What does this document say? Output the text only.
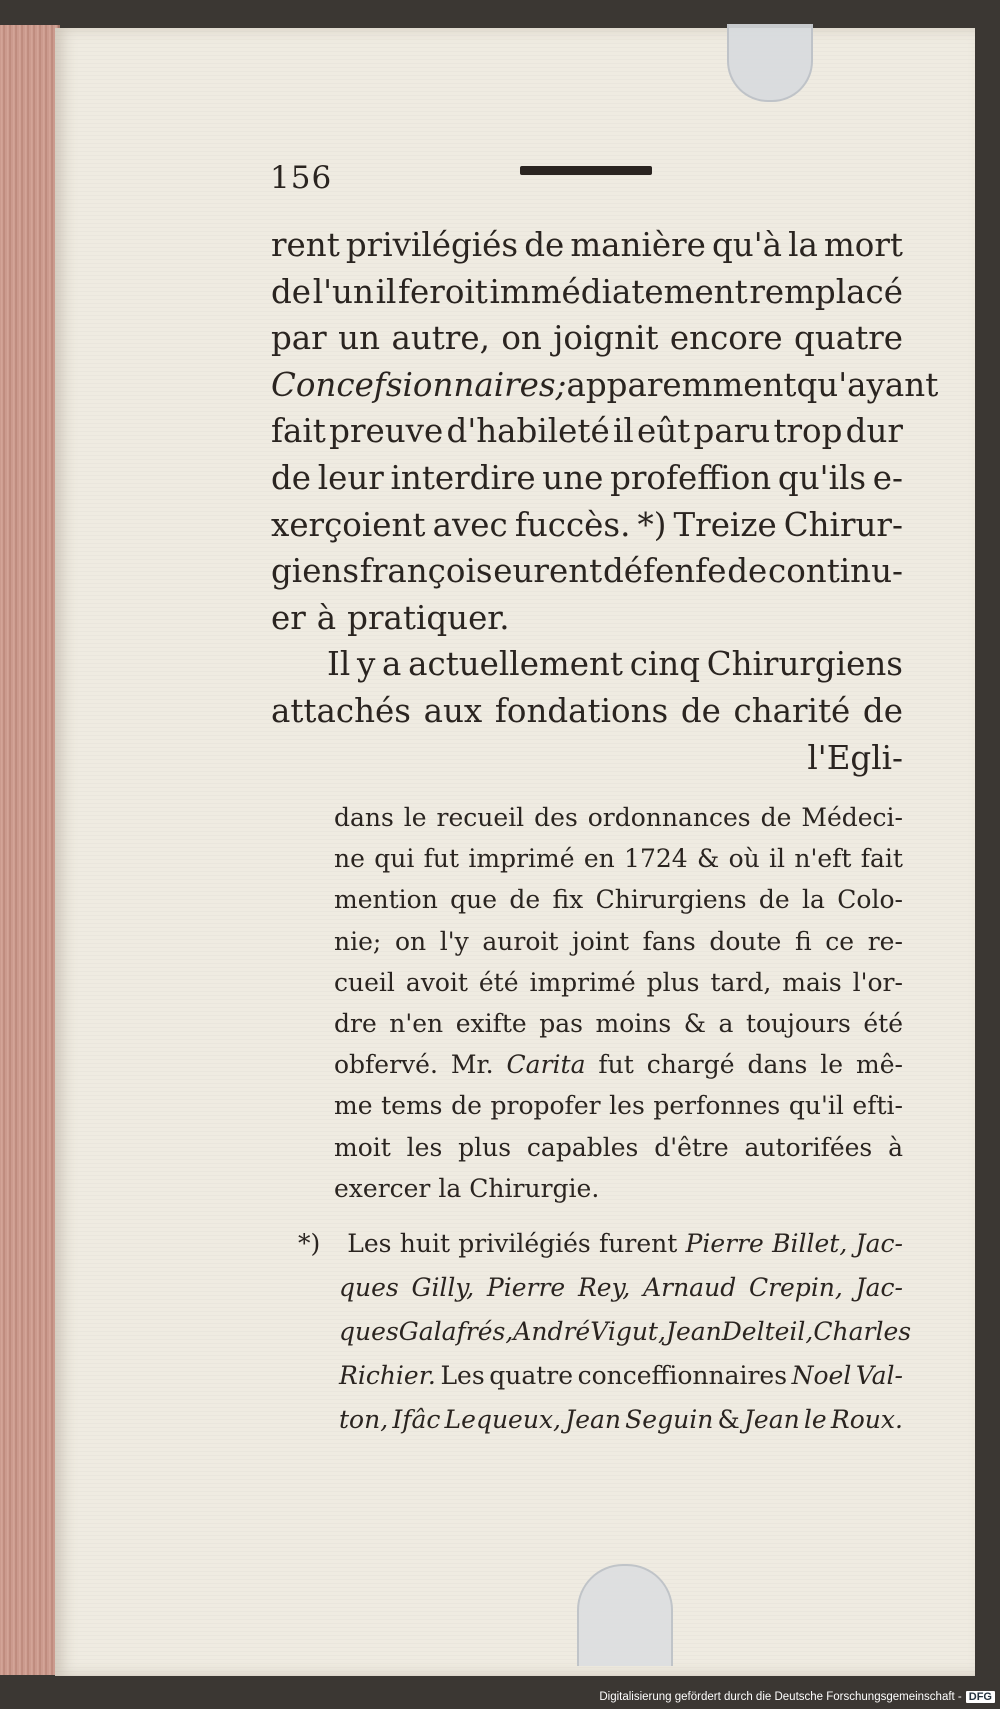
156
rent privilégiés de manière qu'à la mort
de l'un il feroit immédiatement remplacé
par un autre, on joignit encore quatre
Concefsionnaires; apparemment qu'ayant
fait preuve d'habileté il eût paru trop dur
de leur interdire une profeffion qu'ils e-
xerçoient avec fuccès. *) Treize Chirur-
giens françois eurent défenfe de continu-
er à pratiquer.
Il y a actuellement cinq Chirurgiens
attachés aux fondations de charité de
l'Egli-
dans le recueil des ordonnances de Médeci-
ne qui fut imprimé en 1724 & où il n'eft fait
mention que de fix Chirurgiens de la Colo-
nie; on l'y auroit joint fans doute fi ce re-
cueil avoit été imprimé plus tard, mais l'or-
dre n'en exifte pas moins & a toujours été
obfervé. Mr. Carita fut chargé dans le mê-
me tems de propofer les perfonnes qu'il efti-
moit les plus capables d'être autorifées à
exercer la Chirurgie.
*)	Les huit privilégiés furent Pierre Billet, Jac-
ques Gilly, Pierre Rey, Arnaud Crepin, Jac-
ques Galafrés, André Vigut, Jean Delteil, Charles
Richier. Les quatre conceffionnaires Noel Val-
ton, Ifâc Lequeux, Jean Seguin & Jean le Roux.
Digitalisierung gefördert durch die Deutsche Forschungsgemeinschaft - DFG
